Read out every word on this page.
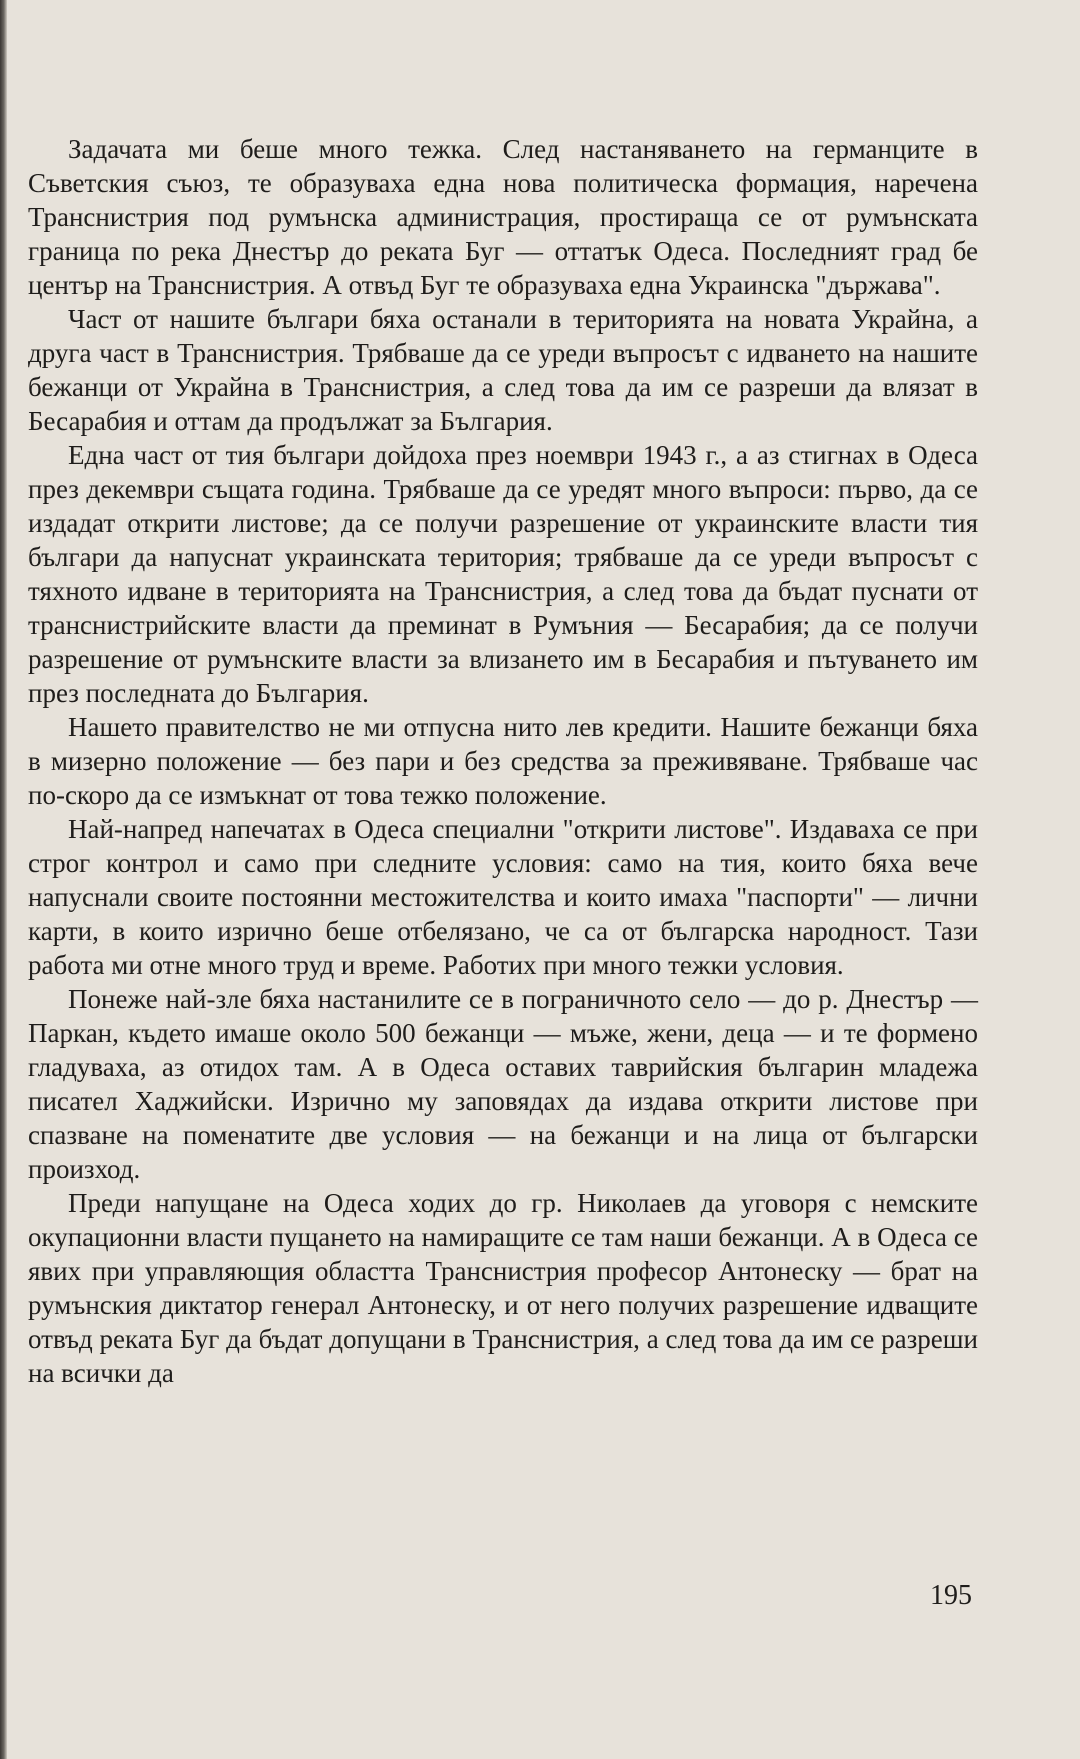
Задачата ми беше много тежка. След настаняването на германците в Съветския съюз, те образуваха една нова политическа формация, наречена Транснистрия под румънска администрация, простираща се от румънската граница по река Днестър до реката Буг — оттатък Одеса. Последният град бе център на Транснистрия. А отвъд Буг те образуваха една Украинска "държава".

Част от нашите българи бяха останали в територията на новата Украйна, а друга част в Транснистрия. Трябваше да се уреди въпросът с идването на нашите бежанци от Украйна в Транснистрия, а след това да им се разреши да влязат в Бесарабия и оттам да продължат за България.

Една част от тия българи дойдоха през ноември 1943 г., а аз стигнах в Одеса през декември същата година. Трябваше да се уредят много въпроси: първо, да се издадат открити листове; да се получи разрешение от украинските власти тия българи да напуснат украинската територия; трябваше да се уреди въпросът с тяхното идване в територията на Транснистрия, а след това да бъдат пуснати от транснистрийските власти да преминат в Румъния — Бесарабия; да се получи разрешение от румънските власти за влизането им в Бесарабия и пътуването им през последната до България.

Нашето правителство не ми отпусна нито лев кредити. Нашите бежанци бяха в мизерно положение — без пари и без средства за преживяване. Трябваше час по-скоро да се измъкнат от това тежко положение.

Най-напред напечатах в Одеса специални "открити листове". Издаваха се при строг контрол и само при следните условия: само на тия, които бяха вече напуснали своите постоянни местожителства и които имаха "паспорти" — лични карти, в които изрично беше отбелязано, че са от българска народност. Тази работа ми отне много труд и време. Работих при много тежки условия.

Понеже най-зле бяха настанилите се в пограничното село — до р. Днестър — Паркан, където имаше около 500 бежанци — мъже, жени, деца — и те формено гладуваха, аз отидох там. А в Одеса оставих таврийския българин младежа писател Хаджийски. Изрично му заповядах да издава открити листове при спазване на поменатите две условия — на бежанци и на лица от български произход.

Преди напущане на Одеса ходих до гр. Николаев да уговоря с немските окупационни власти пущането на намиращите се там наши бежанци. А в Одеса се явих при управляющия областта Транснистрия професор Антонеску — брат на румънския диктатор генерал Антонеску, и от него получих разрешение идващите отвъд реката Буг да бъдат допущани в Транснистрия, а след това да им се разреши на всички да

195
